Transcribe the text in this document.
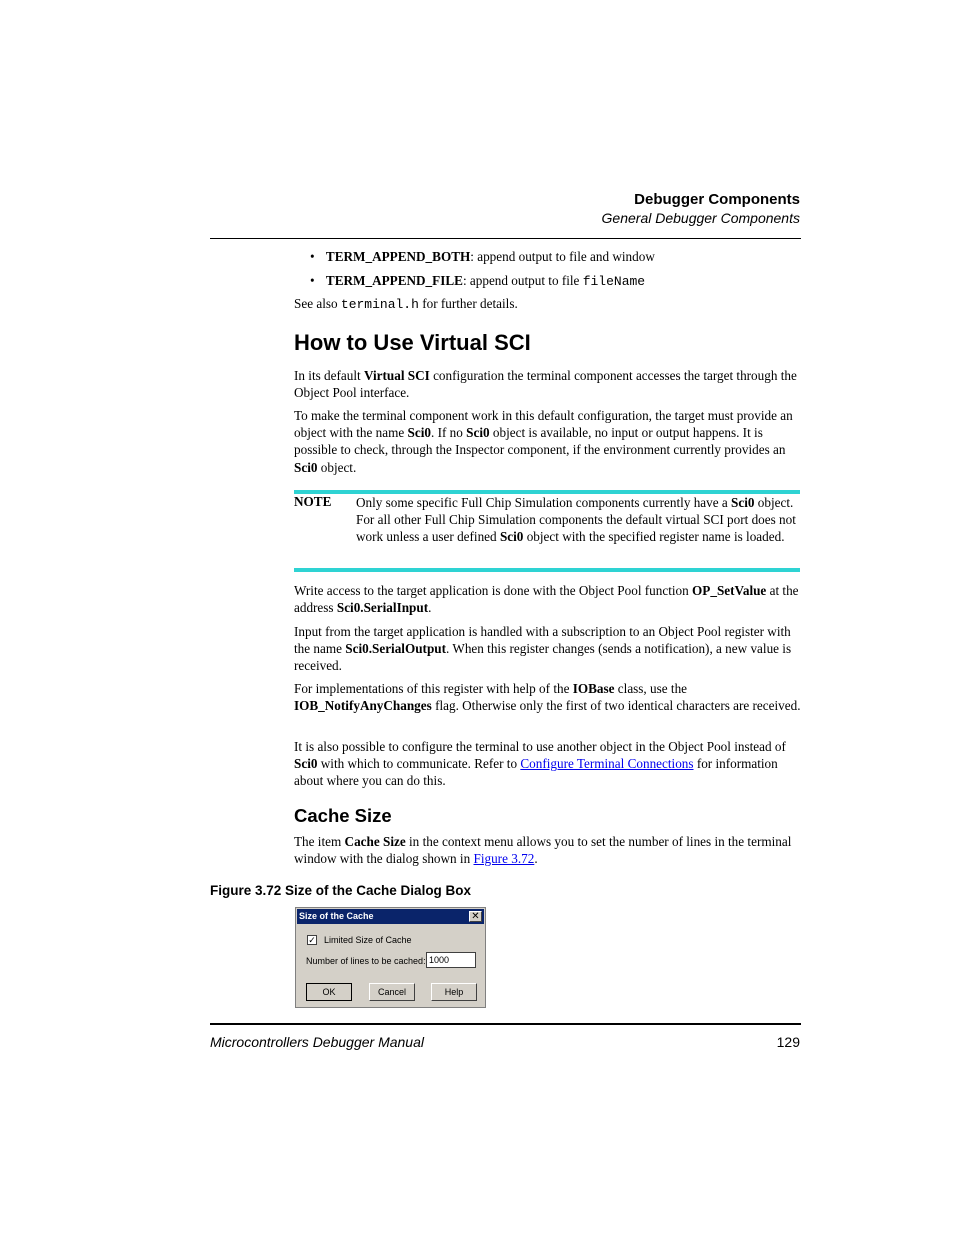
Debugger Components
General Debugger Components
• TERM_APPEND_BOTH: append output to file and window
• TERM_APPEND_FILE: append output to file fileName
See also terminal.h for further details.
How to Use Virtual SCI
In its default Virtual SCI configuration the terminal component accesses the target through the Object Pool interface.
To make the terminal component work in this default configuration, the target must provide an object with the name Sci0. If no Sci0 object is available, no input or output happens. It is possible to check, through the Inspector component, if the environment currently provides an Sci0 object.
NOTE Only some specific Full Chip Simulation components currently have a Sci0 object. For all other Full Chip Simulation components the default virtual SCI port does not work unless a user defined Sci0 object with the specified register name is loaded.
Write access to the target application is done with the Object Pool function OP_SetValue at the address Sci0.SerialInput.
Input from the target application is handled with a subscription to an Object Pool register with the name Sci0.SerialOutput. When this register changes (sends a notification), a new value is received.
For implementations of this register with help of the IOBase class, use the IOB_NotifyAnyChanges flag. Otherwise only the first of two identical characters are received.
It is also possible to configure the terminal to use another object in the Object Pool instead of Sci0 with which to communicate. Refer to Configure Terminal Connections for information about where you can do this.
Cache Size
The item Cache Size in the context menu allows you to set the number of lines in the terminal window with the dialog shown in Figure 3.72.
Figure 3.72 Size of the Cache Dialog Box
Size of the Cache	✕
✓ Limited Size of Cache
Number of lines to be cached: 1000
OK	Cancel	Help
Microcontrollers Debugger Manual	129
